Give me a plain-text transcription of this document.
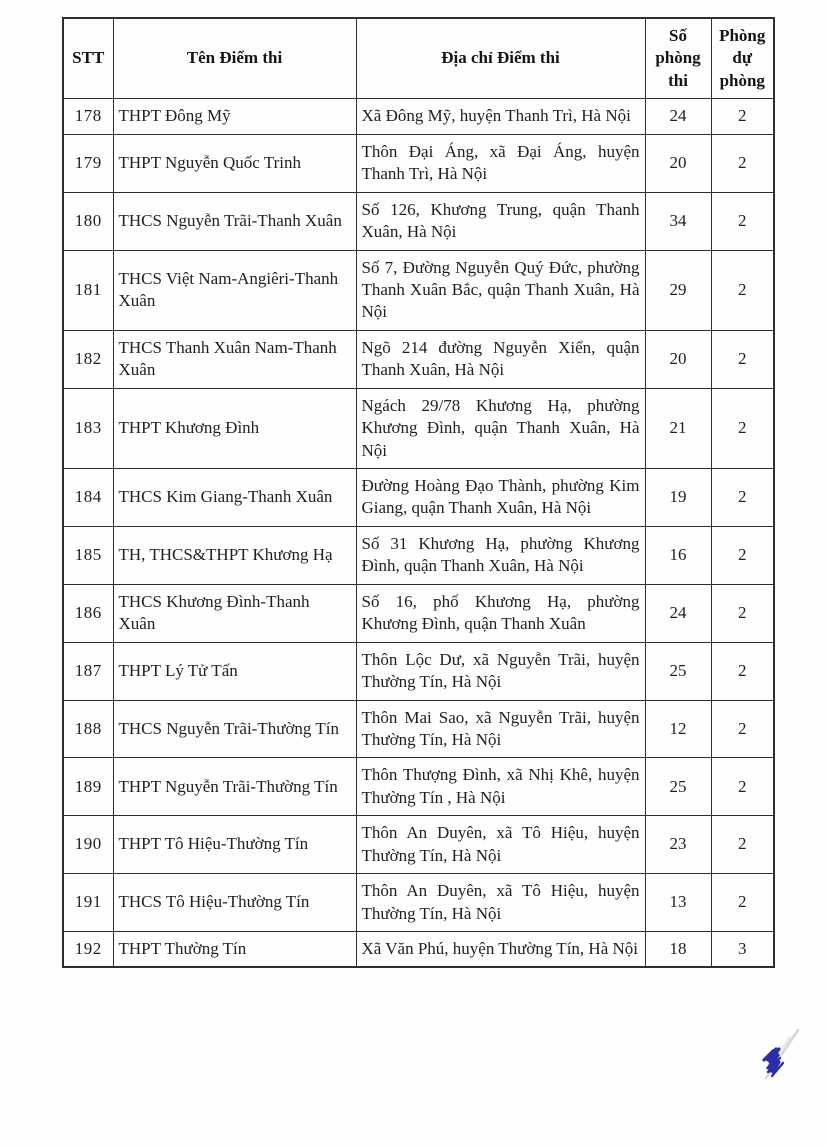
STT	Tên Điểm thi	Địa chỉ Điểm thi	Số phòng thi	Phòng dự phòng
178	THPT Đông Mỹ	Xã Đông Mỹ, huyện Thanh Trì, Hà Nội	24	2
179	THPT Nguyễn Quốc Trinh	Thôn Đại Áng, xã Đại Áng, huyện Thanh Trì, Hà Nội	20	2
180	THCS Nguyễn Trãi-Thanh Xuân	Số 126, Khương Trung, quận Thanh Xuân, Hà Nội	34	2
181	THCS Việt Nam-Angiêri-Thanh Xuân	Số 7, Đường Nguyễn Quý Đức, phường Thanh Xuân Bắc, quận Thanh Xuân, Hà Nội	29	2
182	THCS Thanh Xuân Nam-Thanh Xuân	Ngõ 214 đường Nguyễn Xiển, quận Thanh Xuân, Hà Nội	20	2
183	THPT Khương Đình	Ngách 29/78 Khương Hạ, phường Khương Đình, quận Thanh Xuân, Hà Nội	21	2
184	THCS Kim Giang-Thanh Xuân	Đường Hoàng Đạo Thành, phường Kim Giang, quận Thanh Xuân, Hà Nội	19	2
185	TH, THCS&THPT Khương Hạ	Số 31 Khương Hạ, phường Khương Đình, quận Thanh Xuân, Hà Nội	16	2
186	THCS Khương Đình-Thanh Xuân	Số 16, phố Khương Hạ, phường Khương Đình, quận Thanh Xuân	24	2
187	THPT Lý Tử Tấn	Thôn Lộc Dư, xã Nguyễn Trãi, huyện Thường Tín, Hà Nội	25	2
188	THCS Nguyễn Trãi-Thường Tín	Thôn Mai Sao, xã Nguyễn Trãi, huyện Thường Tín, Hà Nội	12	2
189	THPT Nguyễn Trãi-Thường Tín	Thôn Thượng Đình, xã Nhị Khê, huyện Thường Tín , Hà Nội	25	2
190	THPT Tô Hiệu-Thường Tín	Thôn An Duyên, xã Tô Hiệu, huyện Thường Tín, Hà Nội	23	2
191	THCS Tô Hiệu-Thường Tín	Thôn An Duyên, xã Tô Hiệu, huyện Thường Tín, Hà Nội	13	2
192	THPT Thường Tín	Xã Văn Phú, huyện Thường Tín, Hà Nội	18	3
